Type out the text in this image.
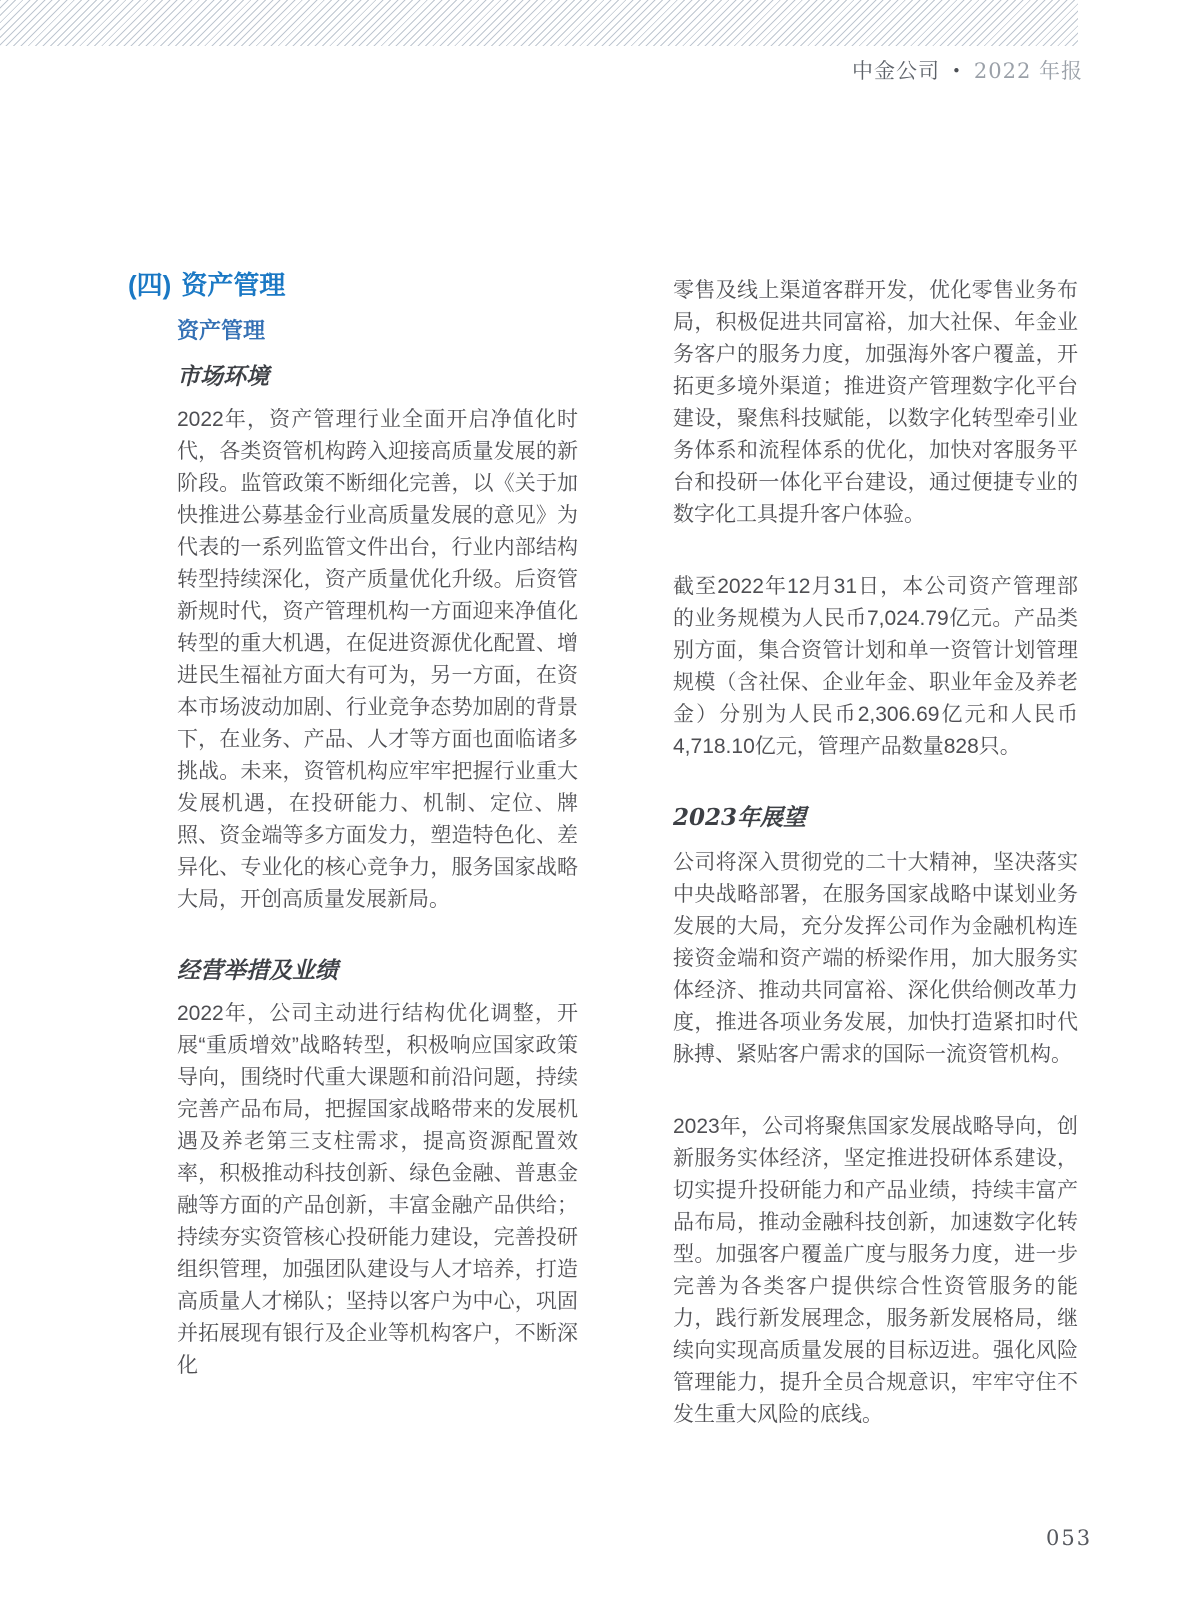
中金公司 • 2022 年报
(四) 资产管理
资产管理
市场环境

2022年，资产管理行业全面开启净值化时代，各类资管机构跨入迎接高质量发展的新阶段。监管政策不断细化完善，以《关于加快推进公募基金行业高质量发展的意见》为代表的一系列监管文件出台，行业内部结构转型持续深化，资产质量优化升级。后资管新规时代，资产管理机构一方面迎来净值化转型的重大机遇，在促进资源优化配置、增进民生福祉方面大有可为，另一方面，在资本市场波动加剧、行业竞争态势加剧的背景下，在业务、产品、人才等方面也面临诸多挑战。未来，资管机构应牢牢把握行业重大发展机遇，在投研能力、机制、定位、牌照、资金端等多方面发力，塑造特色化、差异化、专业化的核心竞争力，服务国家战略大局，开创高质量发展新局。

经营举措及业绩

2022年，公司主动进行结构优化调整，开展“重质增效”战略转型，积极响应国家政策导向，围绕时代重大课题和前沿问题，持续完善产品布局，把握国家战略带来的发展机遇及养老第三支柱需求，提高资源配置效率，积极推动科技创新、绿色金融、普惠金融等方面的产品创新，丰富金融产品供给；持续夯实资管核心投研能力建设，完善投研组织管理，加强团队建设与人才培养，打造高质量人才梯队；坚持以客户为中心，巩固并拓展现有银行及企业等机构客户，不断深化

零售及线上渠道客群开发，优化零售业务布局，积极促进共同富裕，加大社保、年金业务客户的服务力度，加强海外客户覆盖，开拓更多境外渠道；推进资产管理数字化平台建设，聚焦科技赋能，以数字化转型牵引业务体系和流程体系的优化，加快对客服务平台和投研一体化平台建设，通过便捷专业的数字化工具提升客户体验。

截至2022年12月31日，本公司资产管理部的业务规模为人民币7,024.79亿元。产品类别方面，集合资管计划和单一资管计划管理规模（含社保、企业年金、职业年金及养老金）分别为人民币2,306.69亿元和人民币4,718.10亿元，管理产品数量828只。

2023年展望

公司将深入贯彻党的二十大精神，坚决落实中央战略部署，在服务国家战略中谋划业务发展的大局，充分发挥公司作为金融机构连接资金端和资产端的桥梁作用，加大服务实体经济、推动共同富裕、深化供给侧改革力度，推进各项业务发展，加快打造紧扣时代脉搏、紧贴客户需求的国际一流资管机构。

2023年，公司将聚焦国家发展战略导向，创新服务实体经济，坚定推进投研体系建设，切实提升投研能力和产品业绩，持续丰富产品布局，推动金融科技创新，加速数字化转型。加强客户覆盖广度与服务力度，进一步完善为各类客户提供综合性资管服务的能力，践行新发展理念，服务新发展格局，继续向实现高质量发展的目标迈进。强化风险管理能力，提升全员合规意识，牢牢守住不发生重大风险的底线。

053
